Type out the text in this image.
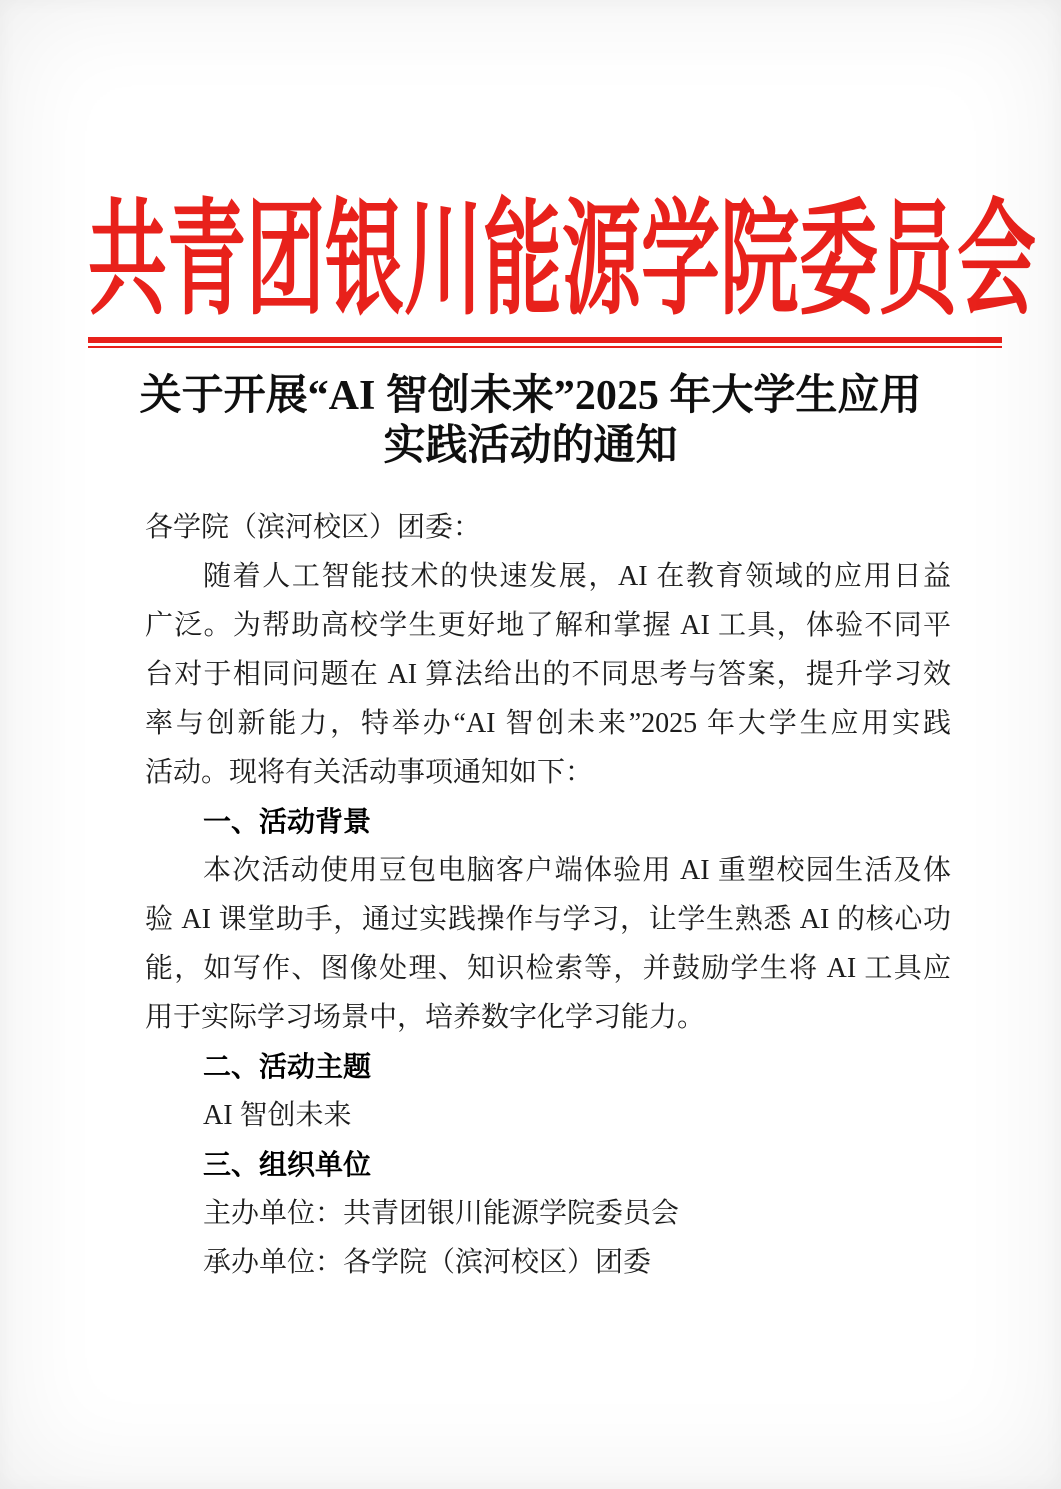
共青团银川能源学院委员会
关于开展“AI 智创未来”2025 年大学生应用
实践活动的通知
各学院（滨河校区）团委：
随着人工智能技术的快速发展，AI 在教育领域的应用日益
广泛。为帮助高校学生更好地了解和掌握 AI 工具，体验不同平
台对于相同问题在 AI 算法给出的不同思考与答案，提升学习效
率与创新能力，特举办“AI 智创未来”2025 年大学生应用实践
活动。现将有关活动事项通知如下：
一、活动背景
本次活动使用豆包电脑客户端体验用 AI 重塑校园生活及体
验 AI 课堂助手，通过实践操作与学习，让学生熟悉 AI 的核心功
能，如写作、图像处理、知识检索等，并鼓励学生将 AI 工具应
用于实际学习场景中，培养数字化学习能力。
二、活动主题
AI 智创未来
三、组织单位
主办单位：共青团银川能源学院委员会
承办单位：各学院（滨河校区）团委
